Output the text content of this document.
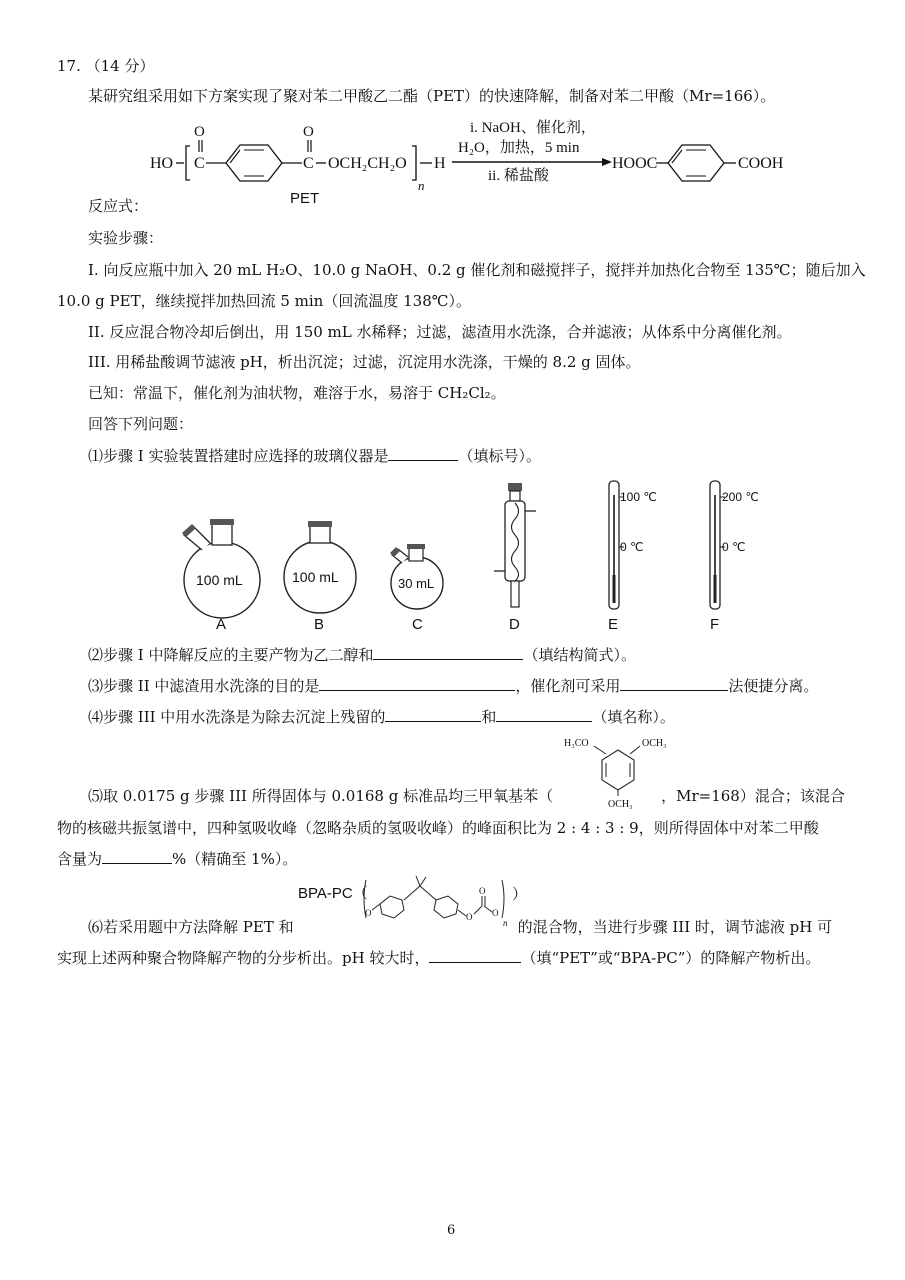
17. （14 分）
某研究组采用如下方案实现了聚对苯二甲酸乙二酯（PET）的快速降解，制备对苯二甲酸（Mr=166）。
HO C
O
C
O
OCH₂CH₂O
n
H
PET
i. NaOH、催化剂，
H₂O，加热，5 min
ii. 稀盐酸
HOOC	COOH
反应式：
实验步骤：
I. 向反应瓶中加入 20 mL H₂O、10.0 g NaOH、0.2 g 催化剂和磁搅拌子，搅拌并加热化合物至 135℃；随后加入
10.0 g PET，继续搅拌加热回流 5 min（回流温度 138℃）。
II. 反应混合物冷却后倒出，用 150 mL 水稀释；过滤，滤渣用水洗涤，合并滤液；从体系中分离催化剂。
III. 用稀盐酸调节滤液 pH，析出沉淀；过滤，沉淀用水洗涤，干燥的 8.2 g 固体。
已知：常温下，催化剂为油状物，难溶于水，易溶于 CH₂Cl₂。
回答下列问题：
⑴步骤 I 实验装置搭建时应选择的玻璃仪器是	（填标号）。
100 mL	100 mL	30 mL
100 ℃
0 ℃
200 ℃
0 ℃
A	B	C	D	E	F
⑵步骤 I 中降解反应的主要产物为乙二醇和	（填结构简式）。
⑶步骤 II 中滤渣用水洗涤的目的是	，催化剂可采用	法便捷分离。
⑷步骤 III 中用水洗涤是为除去沉淀上残留的	和	（填名称）。
H₃CO	OCH₃
OCH₃
⑸取 0.0175 g 步骤 III 所得固体与 0.0168 g 标准品均三甲氧基苯（	，Mr=168）混合；该混合
物的核磁共振氢谱中，四种氢吸收峰（忽略杂质的氢吸收峰）的峰面积比为 2 : 4 : 3 : 9，则所得固体中对苯二甲酸
含量为	%（精确至 1%）。
BPA-PC（	）
O	O
O
O
n
⑹若采用题中方法降解 PET 和	的混合物，当进行步骤 III 时，调节滤液 pH 可
实现上述两种聚合物降解产物的分步析出。pH 较大时，	（填“PET”或“BPA-PC”）的降解产物析出。
6
